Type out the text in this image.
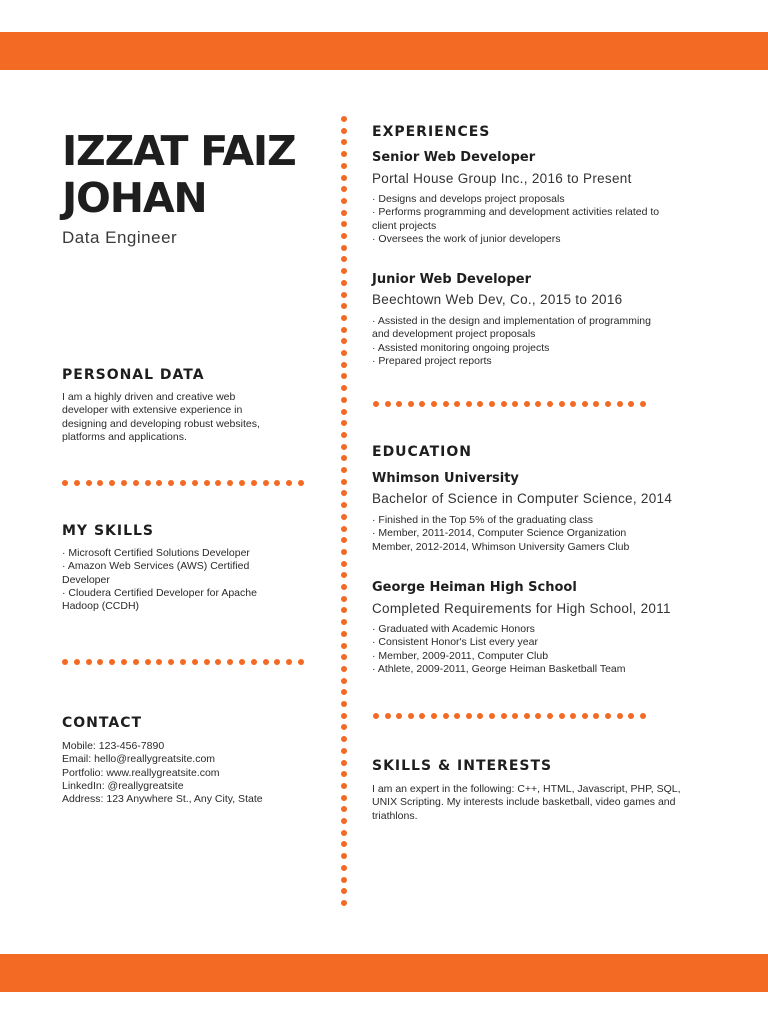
IZZAT FAIZ
JOHAN
Data Engineer
PERSONAL DATA
I am a highly driven and creative web
developer with extensive experience in
designing and developing robust websites,
platforms and applications.
MY SKILLS
· Microsoft Certified Solutions Developer
· Amazon Web Services (AWS) Certified
Developer
· Cloudera Certified Developer for Apache
Hadoop (CCDH)
CONTACT
Mobile: 123-456-7890
Email: hello@reallygreatsite.com
Portfolio: www.reallygreatsite.com
LinkedIn: @reallygreatsite
Address: 123 Anywhere St., Any City, State
EXPERIENCES
Senior Web Developer
Portal House Group Inc., 2016 to Present
· Designs and develops project proposals
· Performs programming and development activities related to
client projects
· Oversees the work of junior developers
Junior Web Developer
Beechtown Web Dev, Co., 2015 to 2016
· Assisted in the design and implementation of programming
and development project proposals
· Assisted monitoring ongoing projects
· Prepared project reports
EDUCATION
Whimson University
Bachelor of Science in Computer Science, 2014
· Finished in the Top 5% of the graduating class
· Member, 2011-2014, Computer Science Organization
Member, 2012-2014, Whimson University Gamers Club
George Heiman High School
Completed Requirements for High School, 2011
· Graduated with Academic Honors
· Consistent Honor's List every year
· Member, 2009-2011, Computer Club
· Athlete, 2009-2011, George Heiman Basketball Team
SKILLS & INTERESTS
I am an expert in the following: C++, HTML, Javascript, PHP, SQL,
UNIX Scripting. My interests include basketball, video games and
triathlons.
